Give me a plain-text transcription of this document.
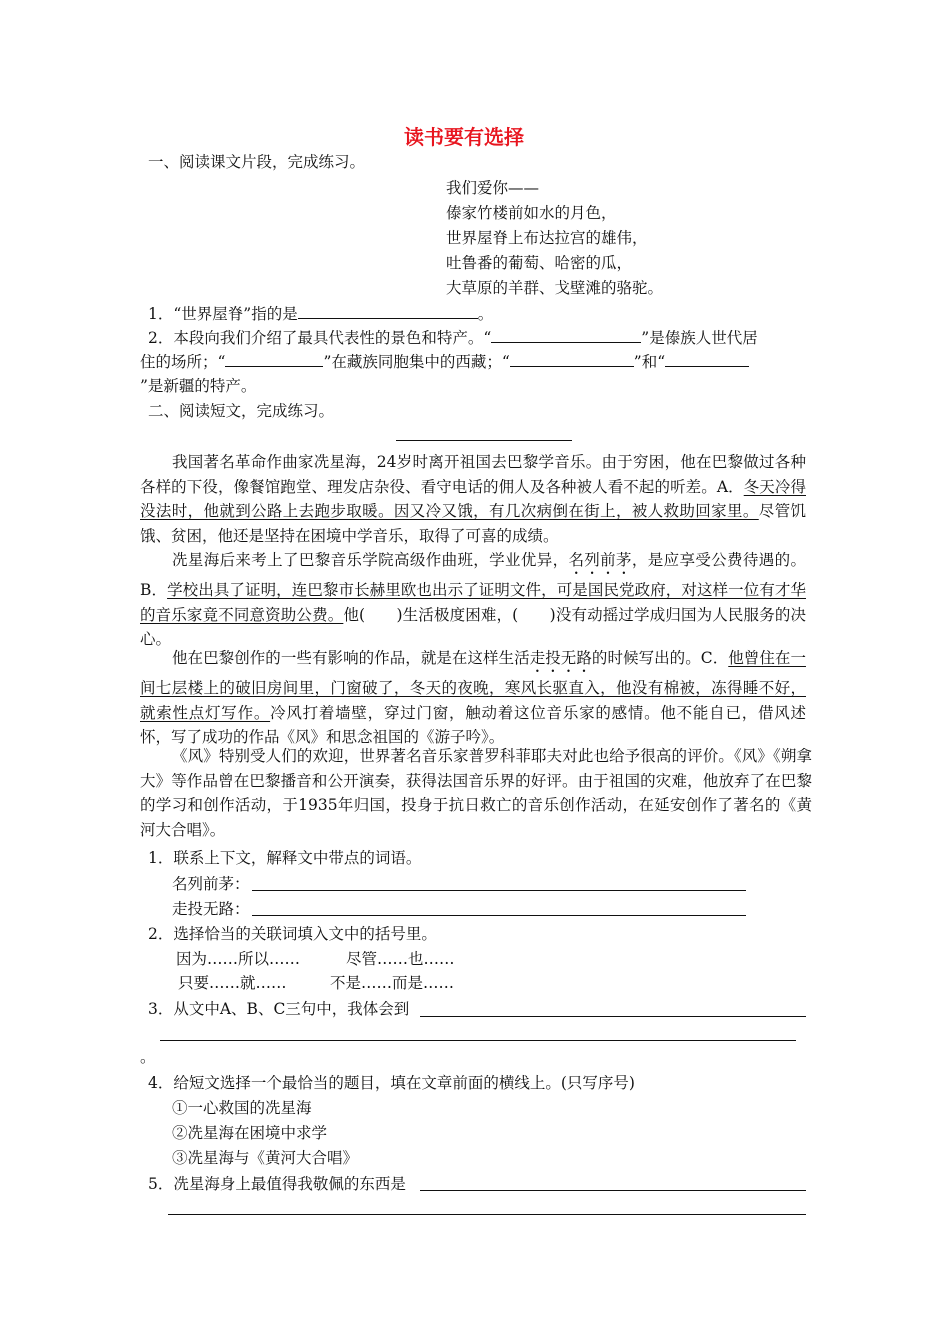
读书要有选择
一、阅读课文片段，完成练习。
我们爱你——
傣家竹楼前如水的月色，
世界屋脊上布达拉宫的雄伟，
吐鲁番的葡萄、哈密的瓜，
大草原的羊群、戈壁滩的骆驼。
1．“世界屋脊”指的是	。
2．本段向我们介绍了最具代表性的景色和特产。“	”是傣族人世代居
住的场所；“	”在藏族同胞集中的西藏；“	”和“
”是新疆的特产。
二、阅读短文，完成练习。
我国著名革命作曲家冼星海，24岁时离开祖国去巴黎学音乐。由于穷困，他在巴黎做过各种各样的下役，像餐馆跑堂、理发店杂役、看守电话的佣人及各种被人看不起的听差。A．冬天冷得没法时，他就到公路上去跑步取暖。因又冷又饿，有几次病倒在街上，被人救助回家里。尽管饥饿、贫困，他还是坚持在困境中学音乐，取得了可喜的成绩。
冼星海后来考上了巴黎音乐学院高级作曲班，学业优异，名列前茅，是应享受公费待遇的。B．学校出具了证明，连巴黎市长赫里欧也出示了证明文件，可是国民党政府，对这样一位有才华的音乐家竟不同意资助公费。他(　　)生活极度困难，(　　)没有动摇过学成归国为人民服务的决心。
他在巴黎创作的一些有影响的作品，就是在这样生活走投无路的时候写出的。C．他曾住在一间七层楼上的破旧房间里，门窗破了，冬天的夜晚，寒风长驱直入，他没有棉被，冻得睡不好，就索性点灯写作。冷风打着墙壁，穿过门窗，触动着这位音乐家的感情。他不能自已，借风述怀，写了成功的作品《风》和思念祖国的《游子吟》。
《风》特别受人们的欢迎，世界著名音乐家普罗科菲耶夫对此也给予很高的评价。《风》《朔拿大》等作品曾在巴黎播音和公开演奏，获得法国音乐界的好评。由于祖国的灾难，他放弃了在巴黎的学习和创作活动，于1935年归国，投身于抗日救亡的音乐创作活动，在延安创作了著名的《黄河大合唱》。
1．联系上下文，解释文中带点的词语。
名列前茅：
走投无路：
2．选择恰当的关联词填入文中的括号里。
因为……所以……	尽管……也……
只要……就……	不是……而是……
3．从文中A、B、C三句中，我体会到
。
4．给短文选择一个最恰当的题目，填在文章前面的横线上。(只写序号)
①一心救国的冼星海
②冼星海在困境中求学
③冼星海与《黄河大合唱》
5．冼星海身上最值得我敬佩的东西是
